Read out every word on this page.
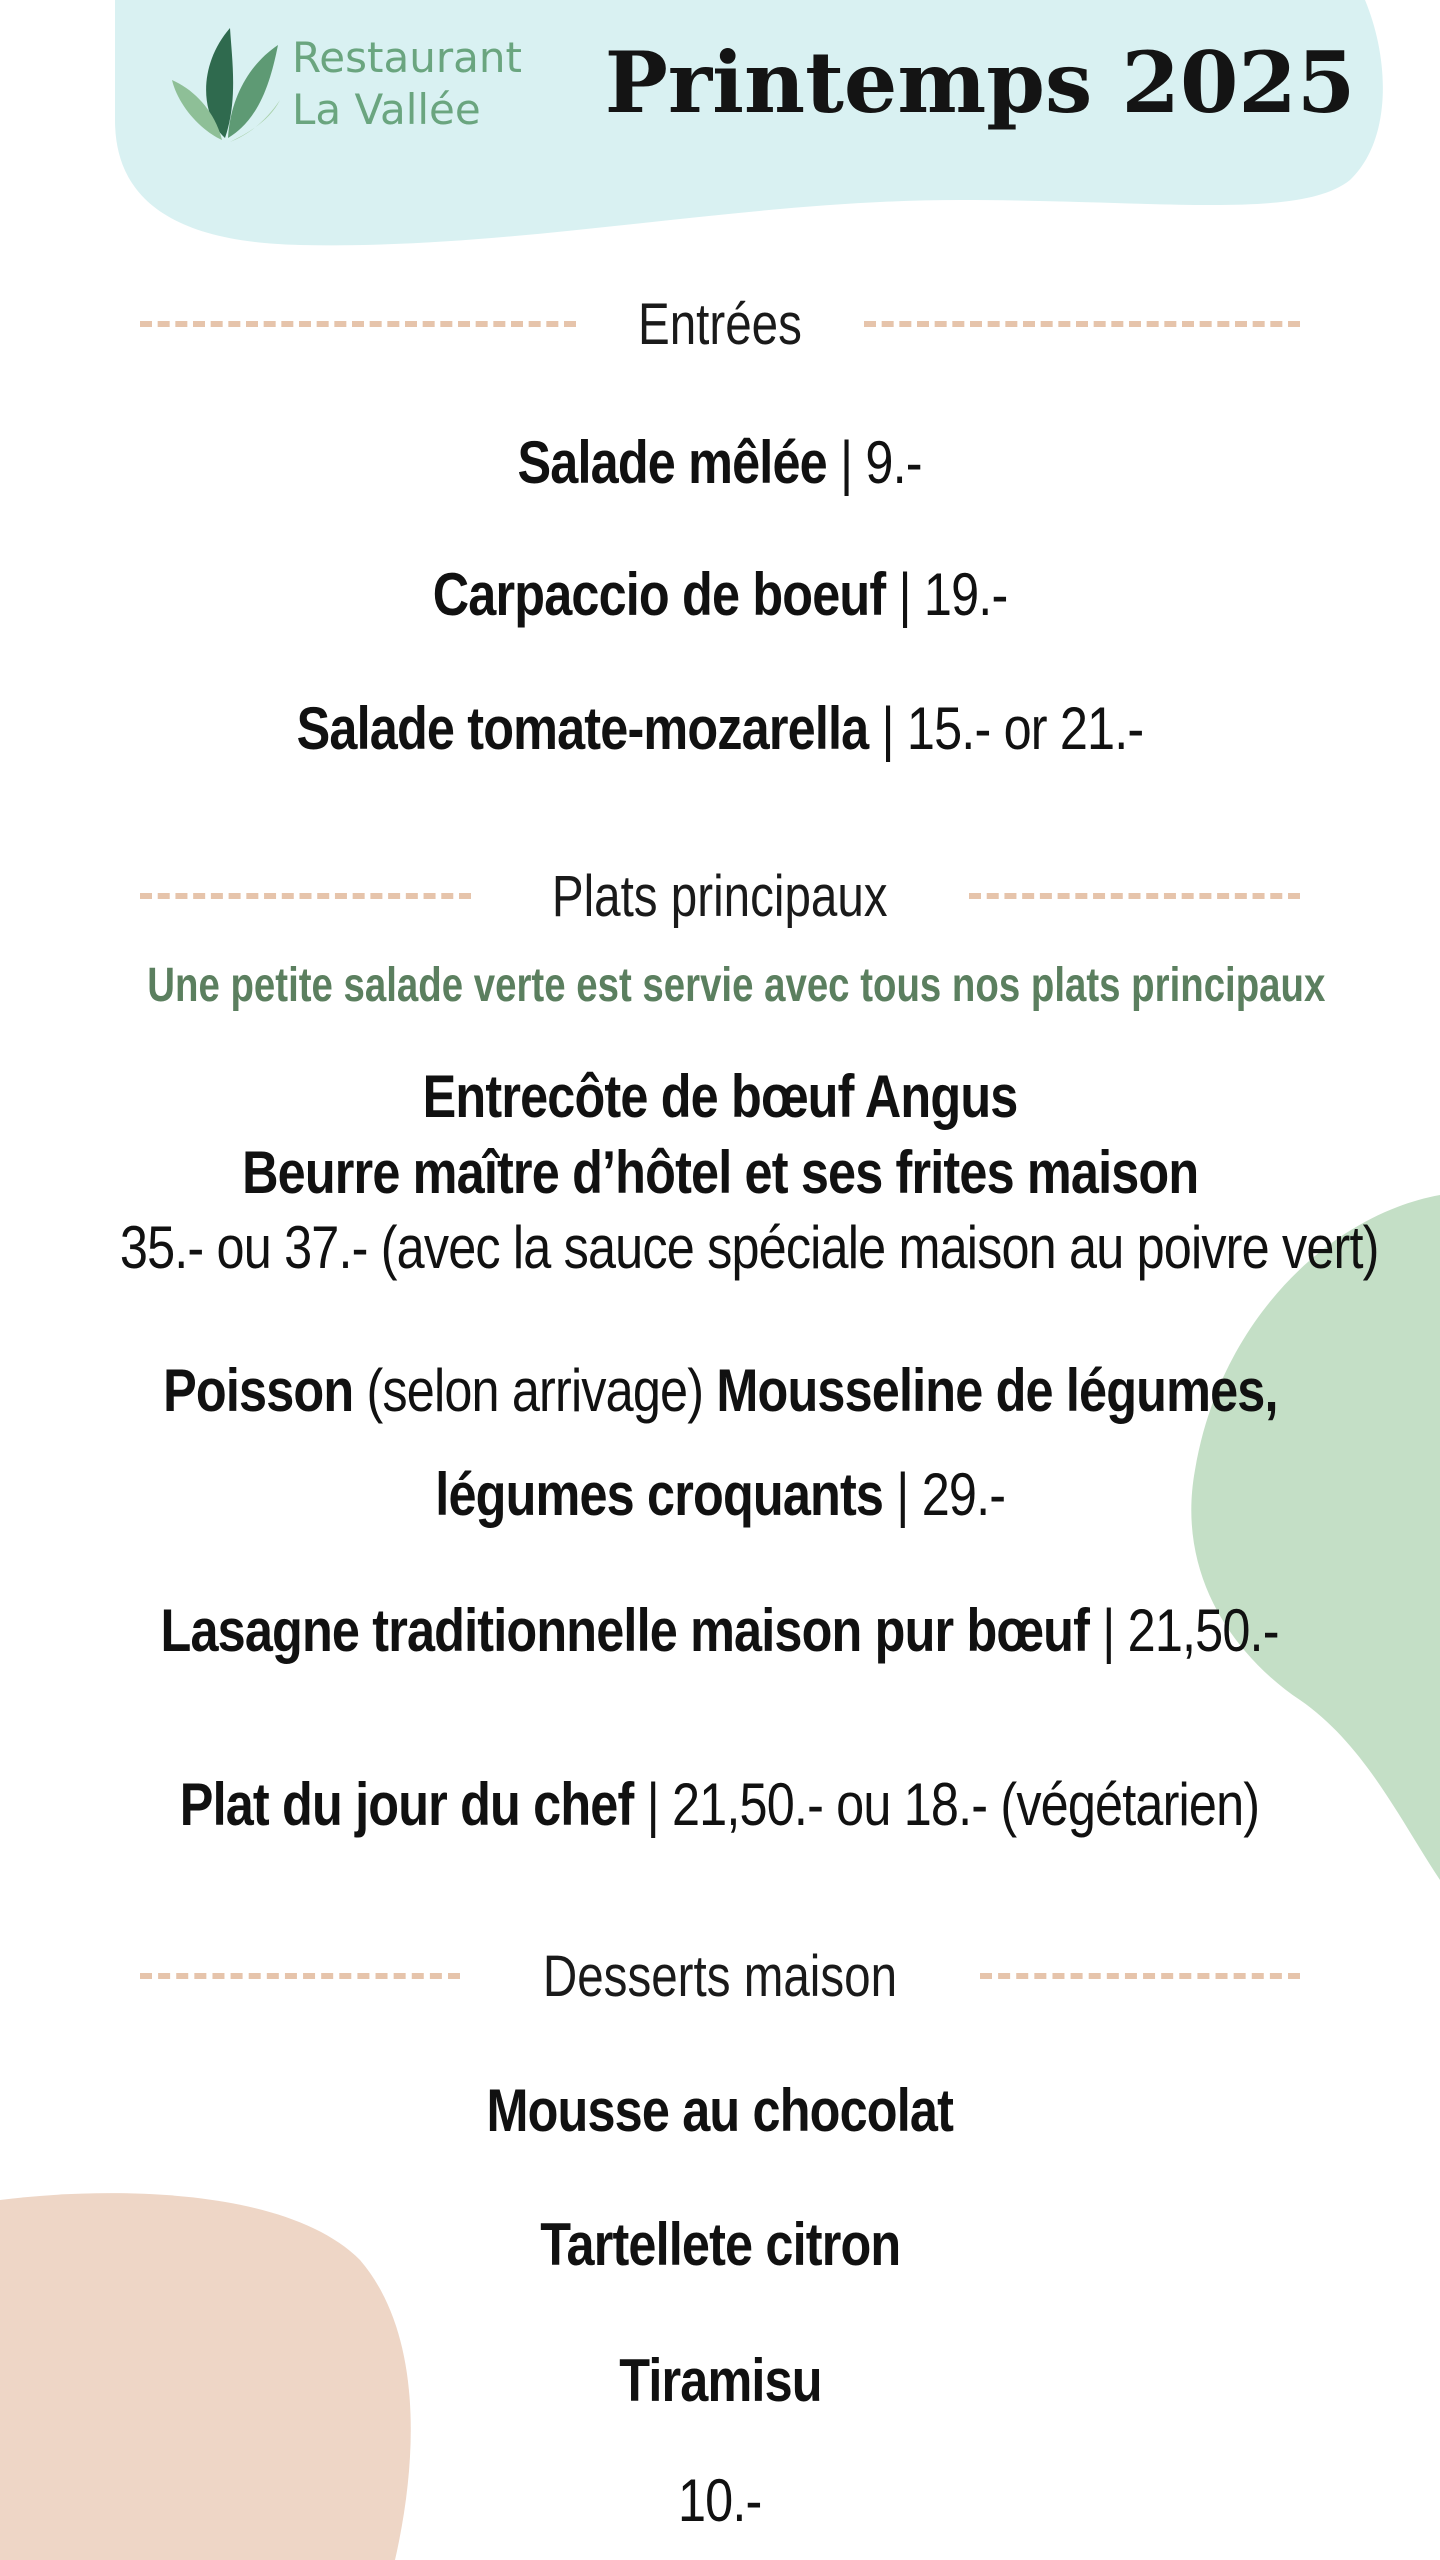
Restaurant
La Vallée	Printemps 2025
Entrées
Salade mêlée | 9.-
Carpaccio de boeuf | 19.-
Salade tomate-mozarella | 15.- or 21.-
Plats principaux
Une petite salade verte est servie avec tous nos plats principaux
Entrecôte de bœuf Angus
Beurre maître d’hôtel et ses frites maison
35.- ou 37.- (avec la sauce spéciale maison au poivre vert)
Poisson (selon arrivage) Mousseline de légumes,
légumes croquants | 29.-
Lasagne traditionnelle maison pur bœuf | 21,50.-
Plat du jour du chef | 21,50.- ou 18.- (végétarien)
Desserts maison
Mousse au chocolat
Tartellete citron
Tiramisu
10.-
